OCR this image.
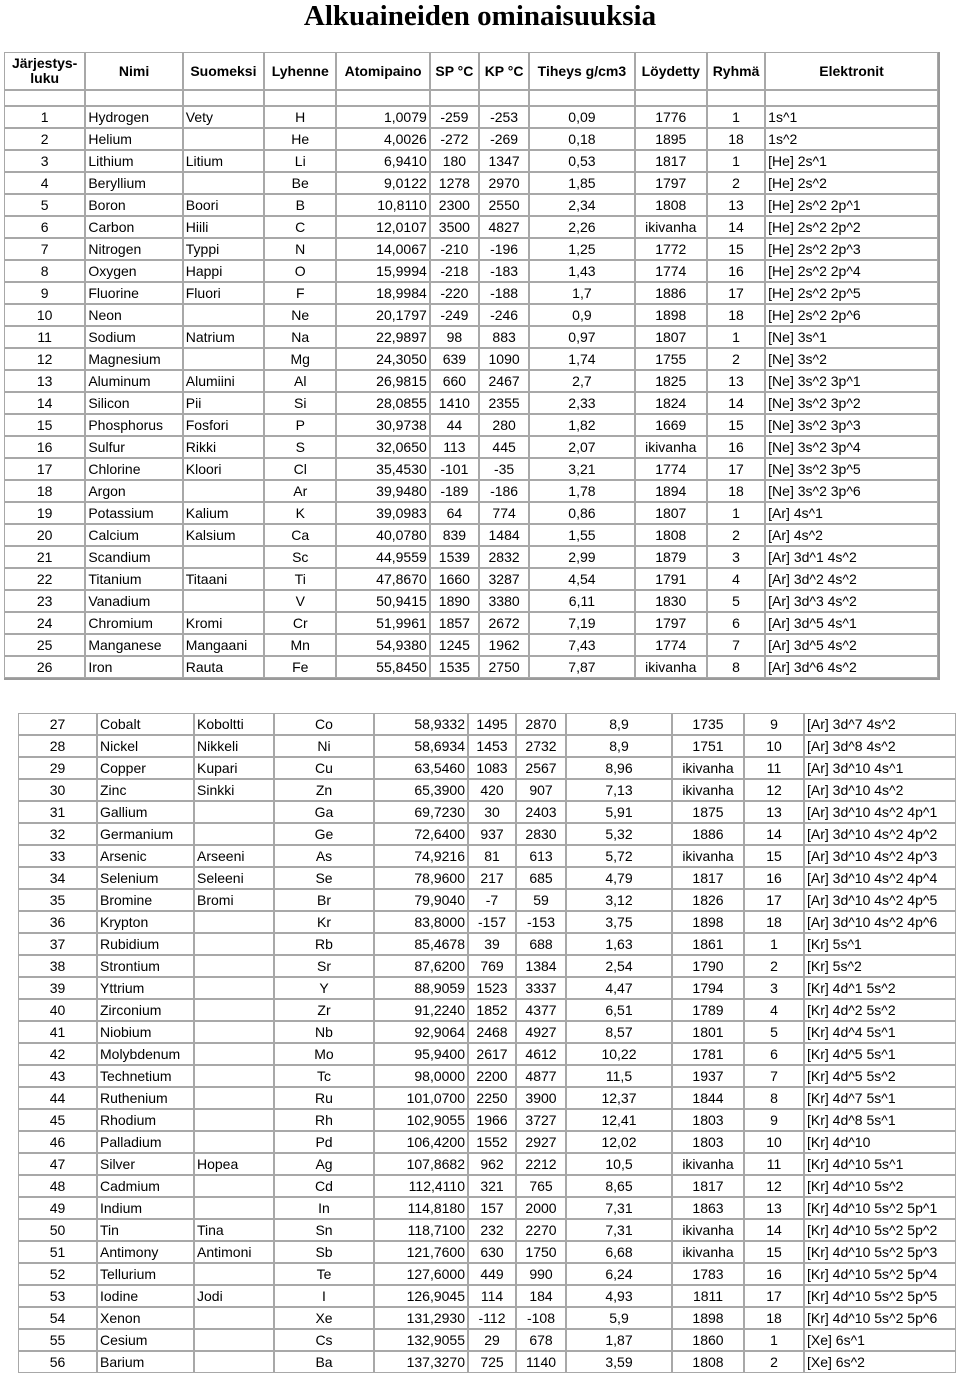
Alkuaineiden ominaisuuksia
Järjestys-luku	Nimi	Suomeksi	Lyhenne	Atomipaino	SP °C	KP °C	Tiheys g/cm3	Löydetty	Ryhmä	Elektronit

1	Hydrogen	Vety	H	1,0079	-259	-253	0,09	1776	1	1s^1
2	Helium		He	4,0026	-272	-269	0,18	1895	18	1s^2
3	Lithium	Litium	Li	6,9410	180	1347	0,53	1817	1	[He] 2s^1
4	Beryllium		Be	9,0122	1278	2970	1,85	1797	2	[He] 2s^2
5	Boron	Boori	B	10,8110	2300	2550	2,34	1808	13	[He] 2s^2 2p^1
6	Carbon	Hiili	C	12,0107	3500	4827	2,26	ikivanha	14	[He] 2s^2 2p^2
7	Nitrogen	Typpi	N	14,0067	-210	-196	1,25	1772	15	[He] 2s^2 2p^3
8	Oxygen	Happi	O	15,9994	-218	-183	1,43	1774	16	[He] 2s^2 2p^4
9	Fluorine	Fluori	F	18,9984	-220	-188	1,7	1886	17	[He] 2s^2 2p^5
10	Neon		Ne	20,1797	-249	-246	0,9	1898	18	[He] 2s^2 2p^6
11	Sodium	Natrium	Na	22,9897	98	883	0,97	1807	1	[Ne] 3s^1
12	Magnesium		Mg	24,3050	639	1090	1,74	1755	2	[Ne] 3s^2
13	Aluminum	Alumiini	Al	26,9815	660	2467	2,7	1825	13	[Ne] 3s^2 3p^1
14	Silicon	Pii	Si	28,0855	1410	2355	2,33	1824	14	[Ne] 3s^2 3p^2
15	Phosphorus	Fosfori	P	30,9738	44	280	1,82	1669	15	[Ne] 3s^2 3p^3
16	Sulfur	Rikki	S	32,0650	113	445	2,07	ikivanha	16	[Ne] 3s^2 3p^4
17	Chlorine	Kloori	Cl	35,4530	-101	-35	3,21	1774	17	[Ne] 3s^2 3p^5
18	Argon		Ar	39,9480	-189	-186	1,78	1894	18	[Ne] 3s^2 3p^6
19	Potassium	Kalium	K	39,0983	64	774	0,86	1807	1	[Ar] 4s^1
20	Calcium	Kalsium	Ca	40,0780	839	1484	1,55	1808	2	[Ar] 4s^2
21	Scandium		Sc	44,9559	1539	2832	2,99	1879	3	[Ar] 3d^1 4s^2
22	Titanium	Titaani	Ti	47,8670	1660	3287	4,54	1791	4	[Ar] 3d^2 4s^2
23	Vanadium		V	50,9415	1890	3380	6,11	1830	5	[Ar] 3d^3 4s^2
24	Chromium	Kromi	Cr	51,9961	1857	2672	7,19	1797	6	[Ar] 3d^5 4s^1
25	Manganese	Mangaani	Mn	54,9380	1245	1962	7,43	1774	7	[Ar] 3d^5 4s^2
26	Iron	Rauta	Fe	55,8450	1535	2750	7,87	ikivanha	8	[Ar] 3d^6 4s^2
27	Cobalt	Koboltti	Co	58,9332	1495	2870	8,9	1735	9	[Ar] 3d^7 4s^2
28	Nickel	Nikkeli	Ni	58,6934	1453	2732	8,9	1751	10	[Ar] 3d^8 4s^2
29	Copper	Kupari	Cu	63,5460	1083	2567	8,96	ikivanha	11	[Ar] 3d^10 4s^1
30	Zinc	Sinkki	Zn	65,3900	420	907	7,13	ikivanha	12	[Ar] 3d^10 4s^2
31	Gallium		Ga	69,7230	30	2403	5,91	1875	13	[Ar] 3d^10 4s^2 4p^1
32	Germanium		Ge	72,6400	937	2830	5,32	1886	14	[Ar] 3d^10 4s^2 4p^2
33	Arsenic	Arseeni	As	74,9216	81	613	5,72	ikivanha	15	[Ar] 3d^10 4s^2 4p^3
34	Selenium	Seleeni	Se	78,9600	217	685	4,79	1817	16	[Ar] 3d^10 4s^2 4p^4
35	Bromine	Bromi	Br	79,9040	-7	59	3,12	1826	17	[Ar] 3d^10 4s^2 4p^5
36	Krypton		Kr	83,8000	-157	-153	3,75	1898	18	[Ar] 3d^10 4s^2 4p^6
37	Rubidium		Rb	85,4678	39	688	1,63	1861	1	[Kr] 5s^1
38	Strontium		Sr	87,6200	769	1384	2,54	1790	2	[Kr] 5s^2
39	Yttrium		Y	88,9059	1523	3337	4,47	1794	3	[Kr] 4d^1 5s^2
40	Zirconium		Zr	91,2240	1852	4377	6,51	1789	4	[Kr] 4d^2 5s^2
41	Niobium		Nb	92,9064	2468	4927	8,57	1801	5	[Kr] 4d^4 5s^1
42	Molybdenum		Mo	95,9400	2617	4612	10,22	1781	6	[Kr] 4d^5 5s^1
43	Technetium		Tc	98,0000	2200	4877	11,5	1937	7	[Kr] 4d^5 5s^2
44	Ruthenium		Ru	101,0700	2250	3900	12,37	1844	8	[Kr] 4d^7 5s^1
45	Rhodium		Rh	102,9055	1966	3727	12,41	1803	9	[Kr] 4d^8 5s^1
46	Palladium		Pd	106,4200	1552	2927	12,02	1803	10	[Kr] 4d^10
47	Silver	Hopea	Ag	107,8682	962	2212	10,5	ikivanha	11	[Kr] 4d^10 5s^1
48	Cadmium		Cd	112,4110	321	765	8,65	1817	12	[Kr] 4d^10 5s^2
49	Indium		In	114,8180	157	2000	7,31	1863	13	[Kr] 4d^10 5s^2 5p^1
50	Tin	Tina	Sn	118,7100	232	2270	7,31	ikivanha	14	[Kr] 4d^10 5s^2 5p^2
51	Antimony	Antimoni	Sb	121,7600	630	1750	6,68	ikivanha	15	[Kr] 4d^10 5s^2 5p^3
52	Tellurium		Te	127,6000	449	990	6,24	1783	16	[Kr] 4d^10 5s^2 5p^4
53	Iodine	Jodi	I	126,9045	114	184	4,93	1811	17	[Kr] 4d^10 5s^2 5p^5
54	Xenon		Xe	131,2930	-112	-108	5,9	1898	18	[Kr] 4d^10 5s^2 5p^6
55	Cesium		Cs	132,9055	29	678	1,87	1860	1	[Xe] 6s^1
56	Barium		Ba	137,3270	725	1140	3,59	1808	2	[Xe] 6s^2
